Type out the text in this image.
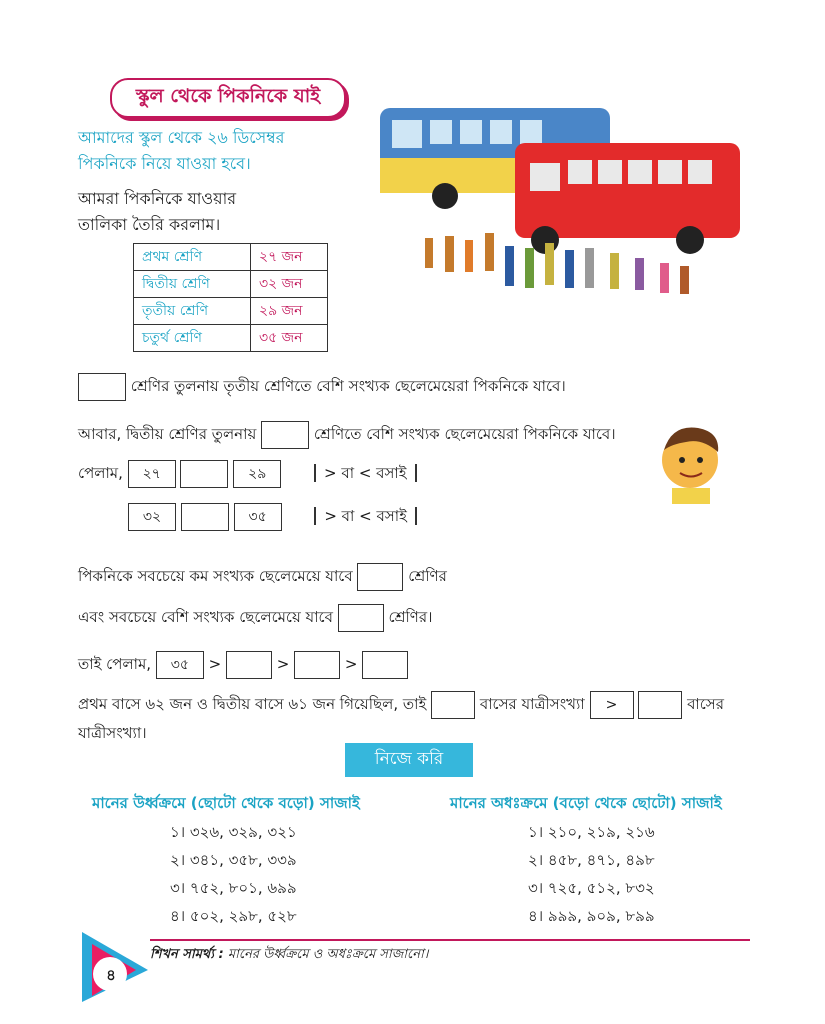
স্কুল থেকে পিকনিকে যাই
আমাদের স্কুল থেকে ২৬ ডিসেম্বর
পিকনিকে নিয়ে যাওয়া হবে।
আমরা পিকনিকে যাওয়ার
তালিকা তৈরি করলাম।
প্রথম শ্রেণি	২৭ জন
দ্বিতীয় শ্রেণি	৩২ জন
তৃতীয় শ্রেণি	২৯ জন
চতুর্থ শ্রেণি	৩৫ জন
শ্রেণির তুলনায় তৃতীয় শ্রেণিতে বেশি সংখ্যক ছেলেমেয়েরা পিকনিকে যাবে।
আবার, দ্বিতীয় শ্রেণির তুলনায়	শ্রেণিতে বেশি সংখ্যক ছেলেমেয়েরা পিকনিকে যাবে।
পেলাম, ২৭	২৯	> বা < বসাই
৩২	৩৫	> বা < বসাই
পিকনিকে সবচেয়ে কম সংখ্যক ছেলেমেয়ে যাবে	শ্রেণির
এবং সবচেয়ে বেশি সংখ্যক ছেলেমেয়ে যাবে	শ্রেণির।
তাই পেলাম, ৩৫ >	>	>
প্রথম বাসে ৬২ জন ও দ্বিতীয় বাসে ৬১ জন গিয়েছিল, তাই	বাসের যাত্রীসংখ্যা >	বাসের
যাত্রীসংখ্যা।
নিজে করি
মানের উর্ধ্বক্রমে (ছোটো থেকে বড়ো) সাজাই	মানের অধঃক্রমে (বড়ো থেকে ছোটো) সাজাই
১। ৩২৬, ৩২৯, ৩২১
২। ৩৪১, ৩৫৮, ৩৩৯
৩। ৭৫২, ৮০১, ৬৯৯
৪। ৫০২, ২৯৮, ৫২৮
১। ২১০, ২১৯, ২১৬
২। ৪৫৮, ৪৭১, ৪৯৮
৩। ৭২৫, ৫১২, ৮৩২
৪। ৯৯৯, ৯০৯, ৮৯৯
৪
শিখন সামর্থ্য : মানের উর্ধ্বক্রমে ও অধঃক্রমে সাজানো।
